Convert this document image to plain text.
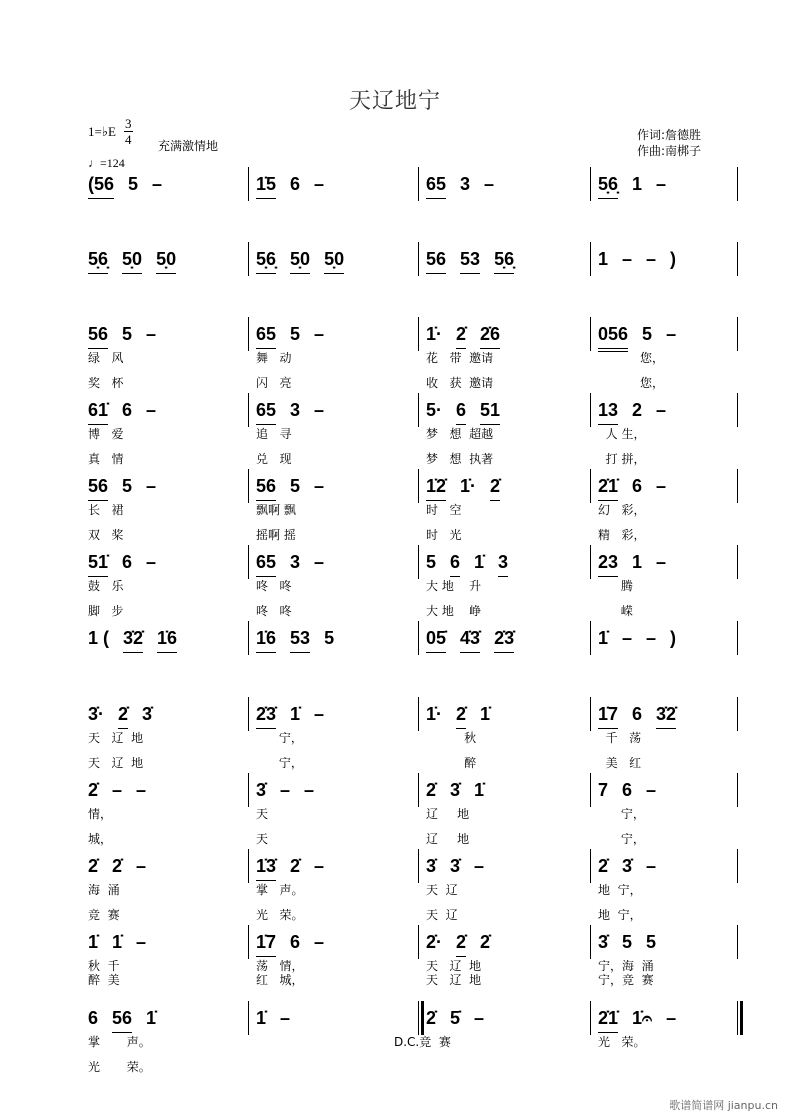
天辽地宁
1=♭E
3
4 充满激情地
♩=124
作词:詹德胜
作曲:南梆子
(56 5 –	1̇5 6 –	65 3 –	5̣6̣ 1 –
5̣6̣ 5̣0 5̣0	5̣6̣ 5̣0 5̣0	56 53 5̣6̣	1 – – )
56 5 –
绿   风
奖   杯
65 5 –
舞   动
闪   亮
1̇· 2̇ 2̇6
花   带  邀请
收   获  邀请
056 5 –
您，
您，
61̇ 6 –
博   爱
真   情
65 3 –
追   寻
兑   现
5· 6 51
梦   想  超越
梦   想  执著
13 2 –
人 生，
打 拼，
56 5 –
长   裙
双   桨
56 5 –
飘啊 飘
摇啊 摇
1̇2̇ 1̇· 2̇
时   空
时   光
2̇1̇ 6 –
幻   彩，
精   彩，
51̇ 6 –
鼓   乐
脚   步
65 3 –
咚   咚
咚   咚
5 6 1̇ 3
大 地    升
大 地    峥
23 1 –
腾
嵘
1 ( 3̇2̇ 1̇6	1̇6 53 5	05̇ 4̇3̇ 2̇3̇	1̇ – – )
3̇· 2̇ 3̇
天   辽  地
天   辽  地
2̇3̇ 1̇ –
宁，
宁，
1̇· 2̇ 1̇
秋
醉
1̇7 6 3̇2̇
千   荡
美   红
2̇ – –
情，
城，
3̇ – –
天
天
2̇ 3̇ 1̇
辽     地
辽     地
7 6 –
宁，
宁，
2̇ 2̇ –
海  涌
竞  赛
1̇3̇ 2̇ –
掌   声。
光   荣。
3̇ 3̇ –
天  辽
天  辽
2̇ 3̇ –
地  宁，
地  宁，
1̇ 1̇ –
秋  千
醉  美
1̇7 6 –
荡   情，
红   城，
2̇· 2̇ 2̇
天   辽  地
天   辽  地
3̇ 5 5
宁，海  涌
宁，竞  赛
6 56 1̇
掌       声。
光       荣。
1̇ –	2̇ 5̇ –
D.C.竞  赛
2̇1̇ 1̇𝄐 –
光   荣。
歌谱简谱网 jianpu.cn
